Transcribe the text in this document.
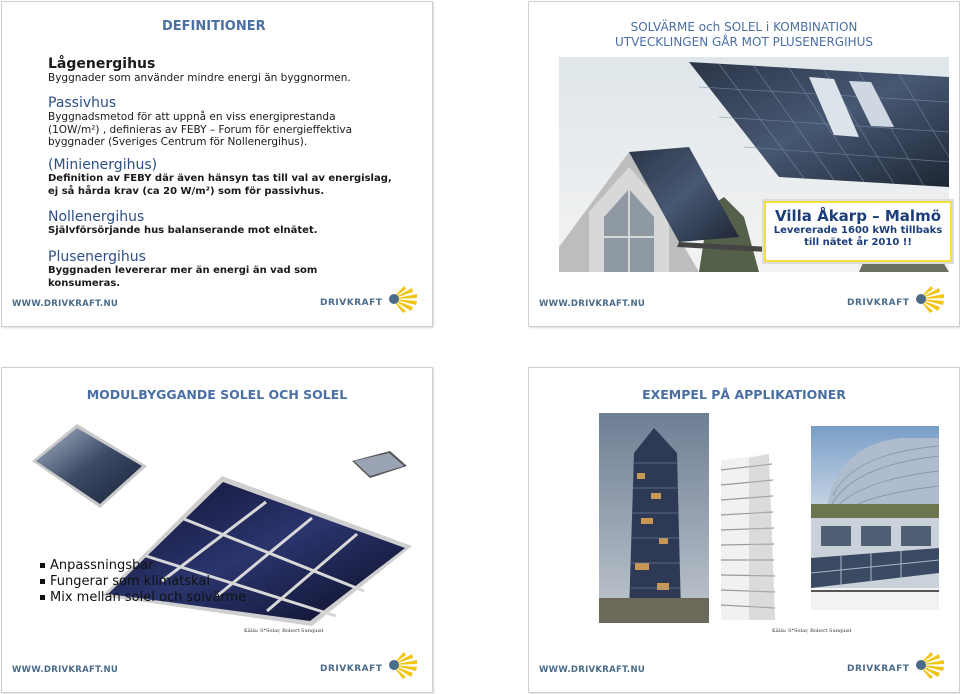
DEFINITIONER
Lågenergihus

Byggnader som använder mindre energi än byggnormen.

Passivhus

Byggnadsmetod för att uppnå en viss energiprestanda (1OW/m²) , definieras av FEBY – Forum för energieffektiva byggnader (Sveriges Centrum för Nollenergihus).

(Minienergihus)

Definition av FEBY där även hänsyn tas till val av energislag, ej så hårda krav (ca 20 W/m²) som för passivhus.

Nollenergihus

Självförsörjande hus balanserande mot elnätet.

Plusenergihus

Byggnaden levererar mer än energi än vad som konsumeras.

WWW.DRIVKRAFT.NU	DRIVKRAFT
SOLVÄRME och SOLEL i KOMBINATION
UTVECKLINGEN GÅR MOT PLUSENERGIHUS
Villa Åkarp – Malmö
Levererade 1600 kWh tillbaks
till nätet år 2010 !!
WWW.DRIVKRAFT.NU	DRIVKRAFT
MODULBYGGANDE SOLEL OCH SOLEL
Anpassningsbar
Fungerar som klimatskal
Mix mellan solel och solvärme
Källa: S*Solar, Robert Sunquist
WWW.DRIVKRAFT.NU	DRIVKRAFT
EXEMPEL PÅ APPLIKATIONER
Källa: S*Solar, Robert Sunquist
WWW.DRIVKRAFT.NU	DRIVKRAFT
